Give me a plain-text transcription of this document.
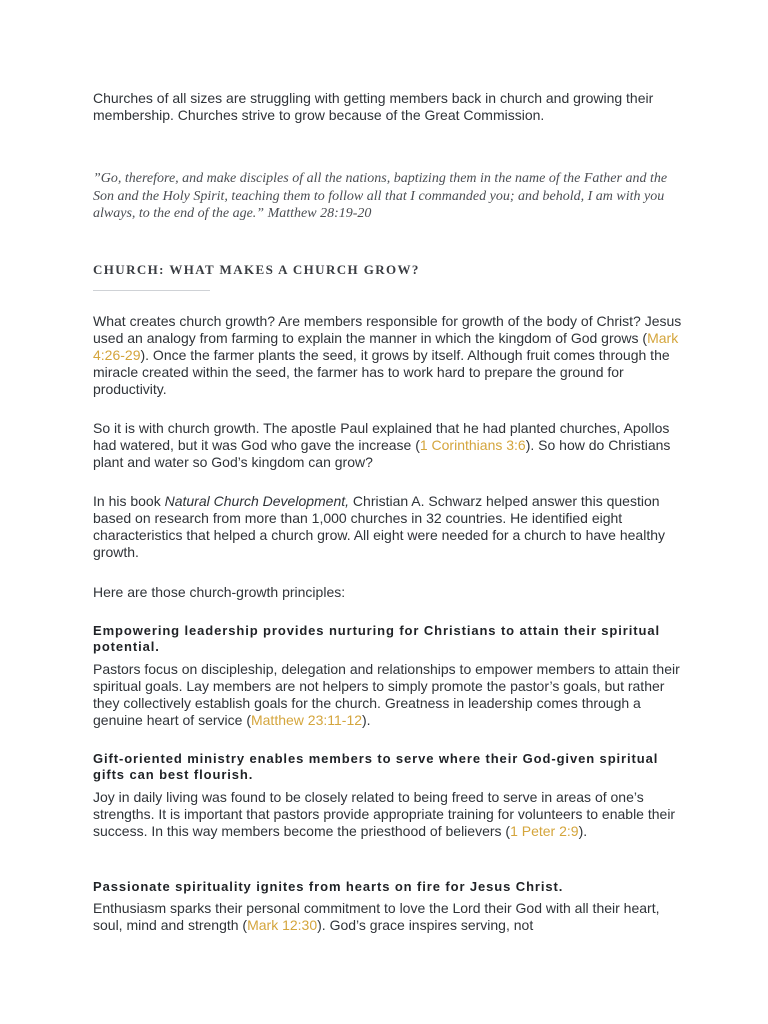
Churches of all sizes are struggling with getting members back in church and growing their membership. Churches strive to grow because of the Great Commission.

”Go, therefore, and make disciples of all the nations, baptizing them in the name of the Father and the Son and the Holy Spirit, teaching them to follow all that I commanded you; and behold, I am with you always, to the end of the age.” Matthew 28:19-20

CHURCH: WHAT MAKES A CHURCH GROW?

What creates church growth? Are members responsible for growth of the body of Christ? Jesus used an analogy from farming to explain the manner in which the kingdom of God grows (Mark 4:26-29). Once the farmer plants the seed, it grows by itself. Although fruit comes through the miracle created within the seed, the farmer has to work hard to prepare the ground for productivity.

So it is with church growth. The apostle Paul explained that he had planted churches, Apollos had watered, but it was God who gave the increase (1 Corinthians 3:6). So how do Christians plant and water so God’s kingdom can grow?

In his book Natural Church Development, Christian A. Schwarz helped answer this question based on research from more than 1,000 churches in 32 countries. He identified eight characteristics that helped a church grow. All eight were needed for a church to have healthy growth.

Here are those church-growth principles:

Empowering leadership provides nurturing for Christians to attain their spiritual potential.

Pastors focus on discipleship, delegation and relationships to empower members to attain their spiritual goals. Lay members are not helpers to simply promote the pastor’s goals, but rather they collectively establish goals for the church. Greatness in leadership comes through a genuine heart of service (Matthew 23:11-12).

Gift-oriented ministry enables members to serve where their God-given spiritual gifts can best flourish.

Joy in daily living was found to be closely related to being freed to serve in areas of one’s strengths. It is important that pastors provide appropriate training for volunteers to enable their success. In this way members become the priesthood of believers (1 Peter 2:9).

Passionate spirituality ignites from hearts on fire for Jesus Christ.

Enthusiasm sparks their personal commitment to love the Lord their God with all their heart, soul, mind and strength (Mark 12:30). God’s grace inspires serving, not
